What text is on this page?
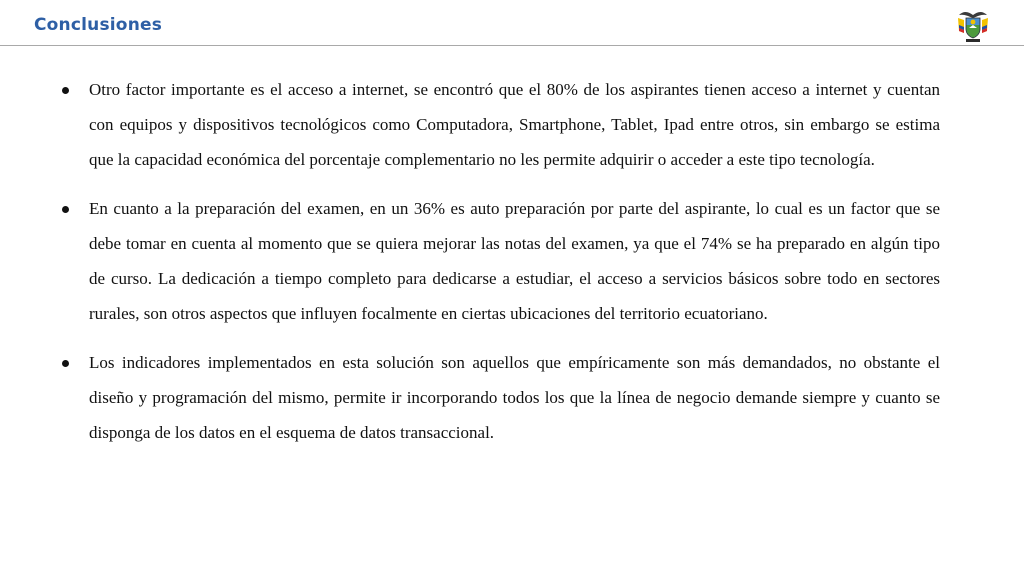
Conclusiones
Otro factor importante es el acceso a internet, se encontró que el 80% de los aspirantes tienen acceso a internet y cuentan con equipos y dispositivos tecnológicos como Computadora, Smartphone, Tablet, Ipad entre otros, sin embargo se estima que la capacidad económica del porcentaje complementario no les permite adquirir o acceder a este tipo tecnología.
En cuanto a la preparación del examen, en un 36% es auto preparación por parte del aspirante, lo cual es un factor que se debe tomar en cuenta al momento que se quiera mejorar las notas del examen, ya que el 74% se ha preparado en algún tipo de curso. La dedicación a tiempo completo para dedicarse a estudiar, el acceso a servicios básicos sobre todo en sectores rurales, son otros aspectos que influyen focalmente en ciertas ubicaciones del territorio ecuatoriano.
Los indicadores implementados en esta solución son aquellos que empíricamente son más demandados, no obstante el diseño y programación del mismo, permite ir incorporando todos los que la línea de negocio demande siempre y cuanto se disponga de los datos en el esquema de datos transaccional.
